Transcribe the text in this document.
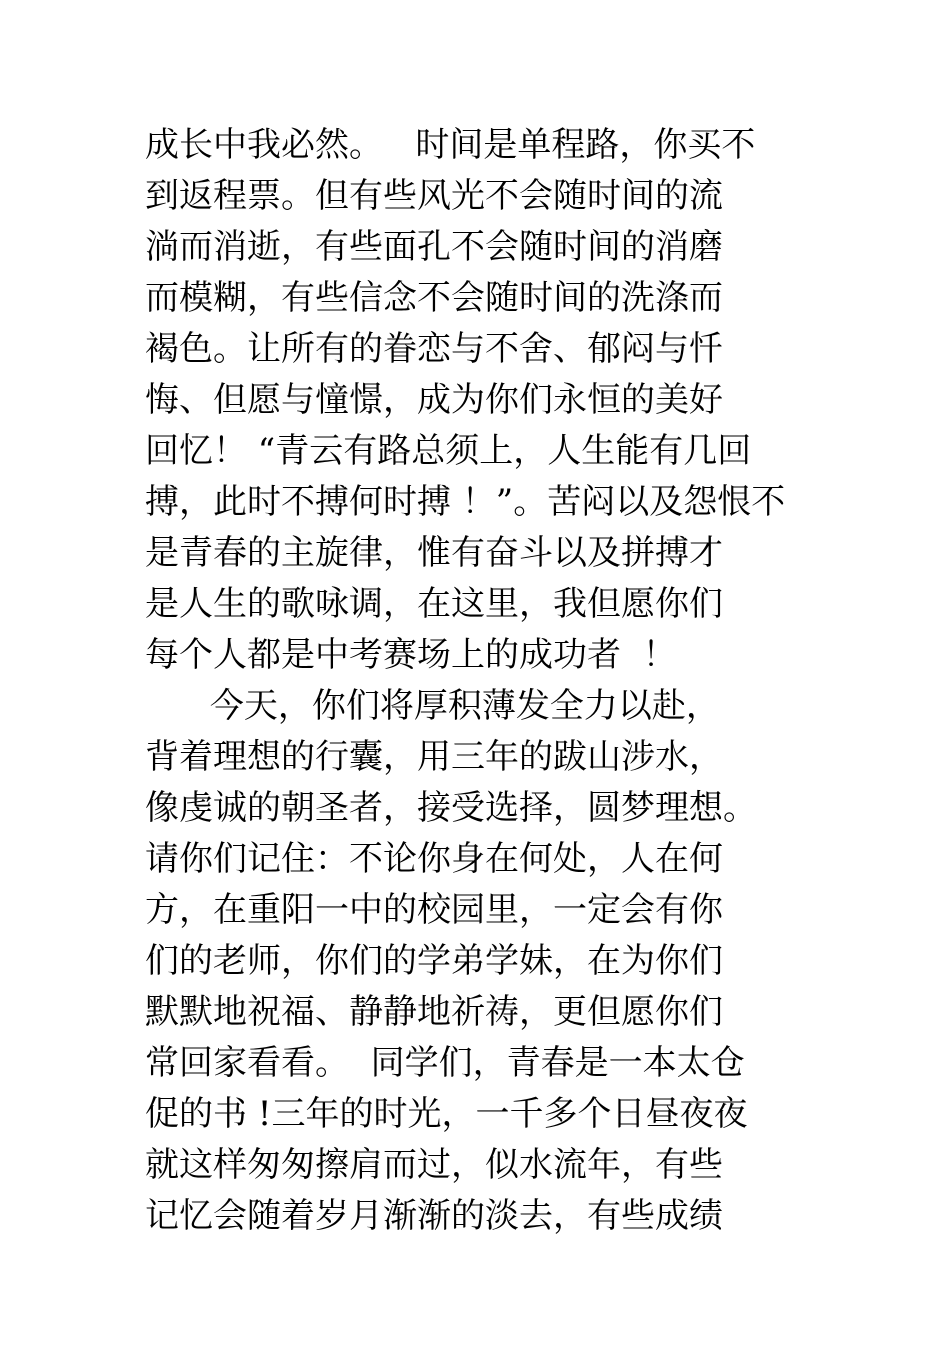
成长中我必然。   时间是单程路，你买不
到返程票。但有些风光不会随时间的流
淌而消逝，有些面孔不会随时间的消磨
而模糊，有些信念不会随时间的洗涤而
褐色。让所有的眷恋与不舍、郁闷与忏
悔、但愿与憧憬，成为你们永恒的美好
回忆！ “青云有路总须上，人生能有几回
搏，此时不搏何时搏 ！”。苦闷以及怨恨不
是青春的主旋律，惟有奋斗以及拼搏才
是人生的歌咏调，在这里，我但愿你们
每个人都是中考赛场上的成功者  ！
今天，你们将厚积薄发全力以赴，
背着理想的行囊，用三年的跋山涉水，
像虔诚的朝圣者，接受选择，圆梦理想。
请你们记住：不论你身在何处，人在何
方，在重阳一中的校园里，一定会有你
们的老师，你们的学弟学妹，在为你们
默默地祝福、静静地祈祷，更但愿你们
常回家看看。  同学们，青春是一本太仓
促的书 !三年的时光，一千多个日昼夜夜
就这样匆匆擦肩而过，似水流年，有些
记忆会随着岁月渐渐的淡去，有些成绩
